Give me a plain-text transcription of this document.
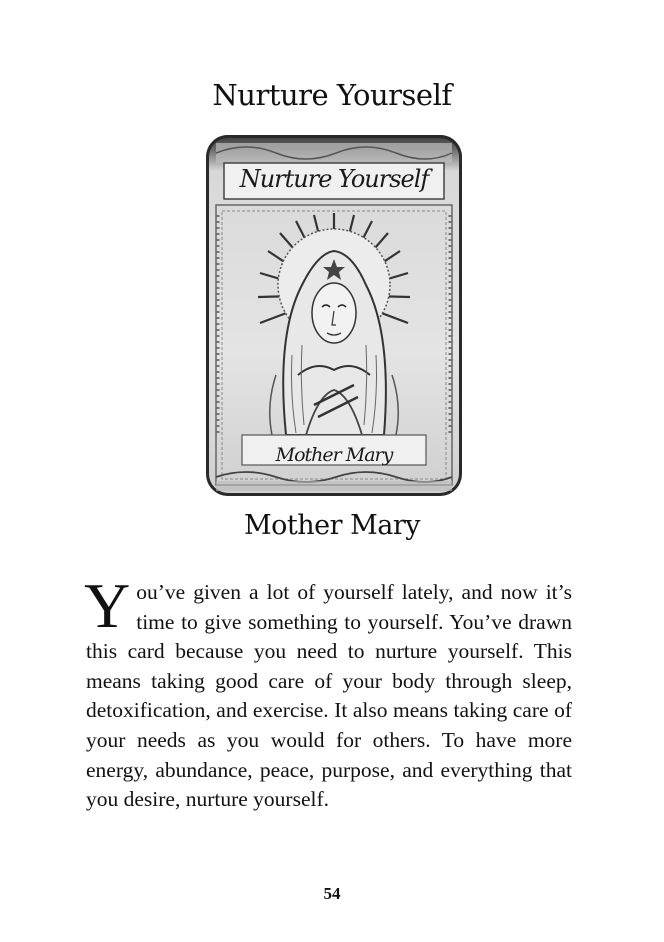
Nurture Yourself
Nurture Yourself
Mother Mary
Mother Mary
You’ve given a lot of yourself lately, and now it’s time to give something to yourself. You’ve drawn this card because you need to nurture yourself. This means taking good care of your body through sleep, detoxification, and exercise. It also means taking care of your needs as you would for others. To have more energy, abundance, peace, purpose, and everything that you desire, nurture yourself.
54
